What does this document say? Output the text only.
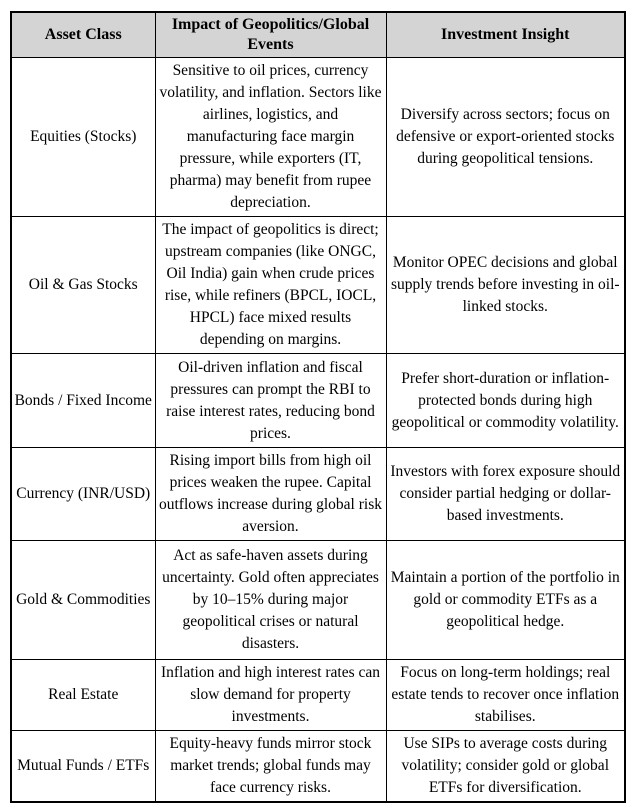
Asset Class	Impact of Geopolitics/Global Events	Investment Insight
Equities (Stocks)	Sensitive to oil prices, currency volatility, and inflation. Sectors like airlines, logistics, and manufacturing face margin pressure, while exporters (IT, pharma) may benefit from rupee depreciation.	Diversify across sectors; focus on defensive or export-oriented stocks during geopolitical tensions.
Oil & Gas Stocks	The impact of geopolitics is direct; upstream companies (like ONGC, Oil India) gain when crude prices rise, while refiners (BPCL, IOCL, HPCL) face mixed results depending on margins.	Monitor OPEC decisions and global supply trends before investing in oil-linked stocks.
Bonds / Fixed Income	Oil-driven inflation and fiscal pressures can prompt the RBI to raise interest rates, reducing bond prices.	Prefer short-duration or inflation-protected bonds during high geopolitical or commodity volatility.
Currency (INR/USD)	Rising import bills from high oil prices weaken the rupee. Capital outflows increase during global risk aversion.	Investors with forex exposure should consider partial hedging or dollar-based investments.
Gold & Commodities	Act as safe-haven assets during uncertainty. Gold often appreciates by 10–15% during major geopolitical crises or natural disasters.	Maintain a portion of the portfolio in gold or commodity ETFs as a geopolitical hedge.
Real Estate	Inflation and high interest rates can slow demand for property investments.	Focus on long-term holdings; real estate tends to recover once inflation stabilises.
Mutual Funds / ETFs	Equity-heavy funds mirror stock market trends; global funds may face currency risks.	Use SIPs to average costs during volatility; consider gold or global ETFs for diversification.
